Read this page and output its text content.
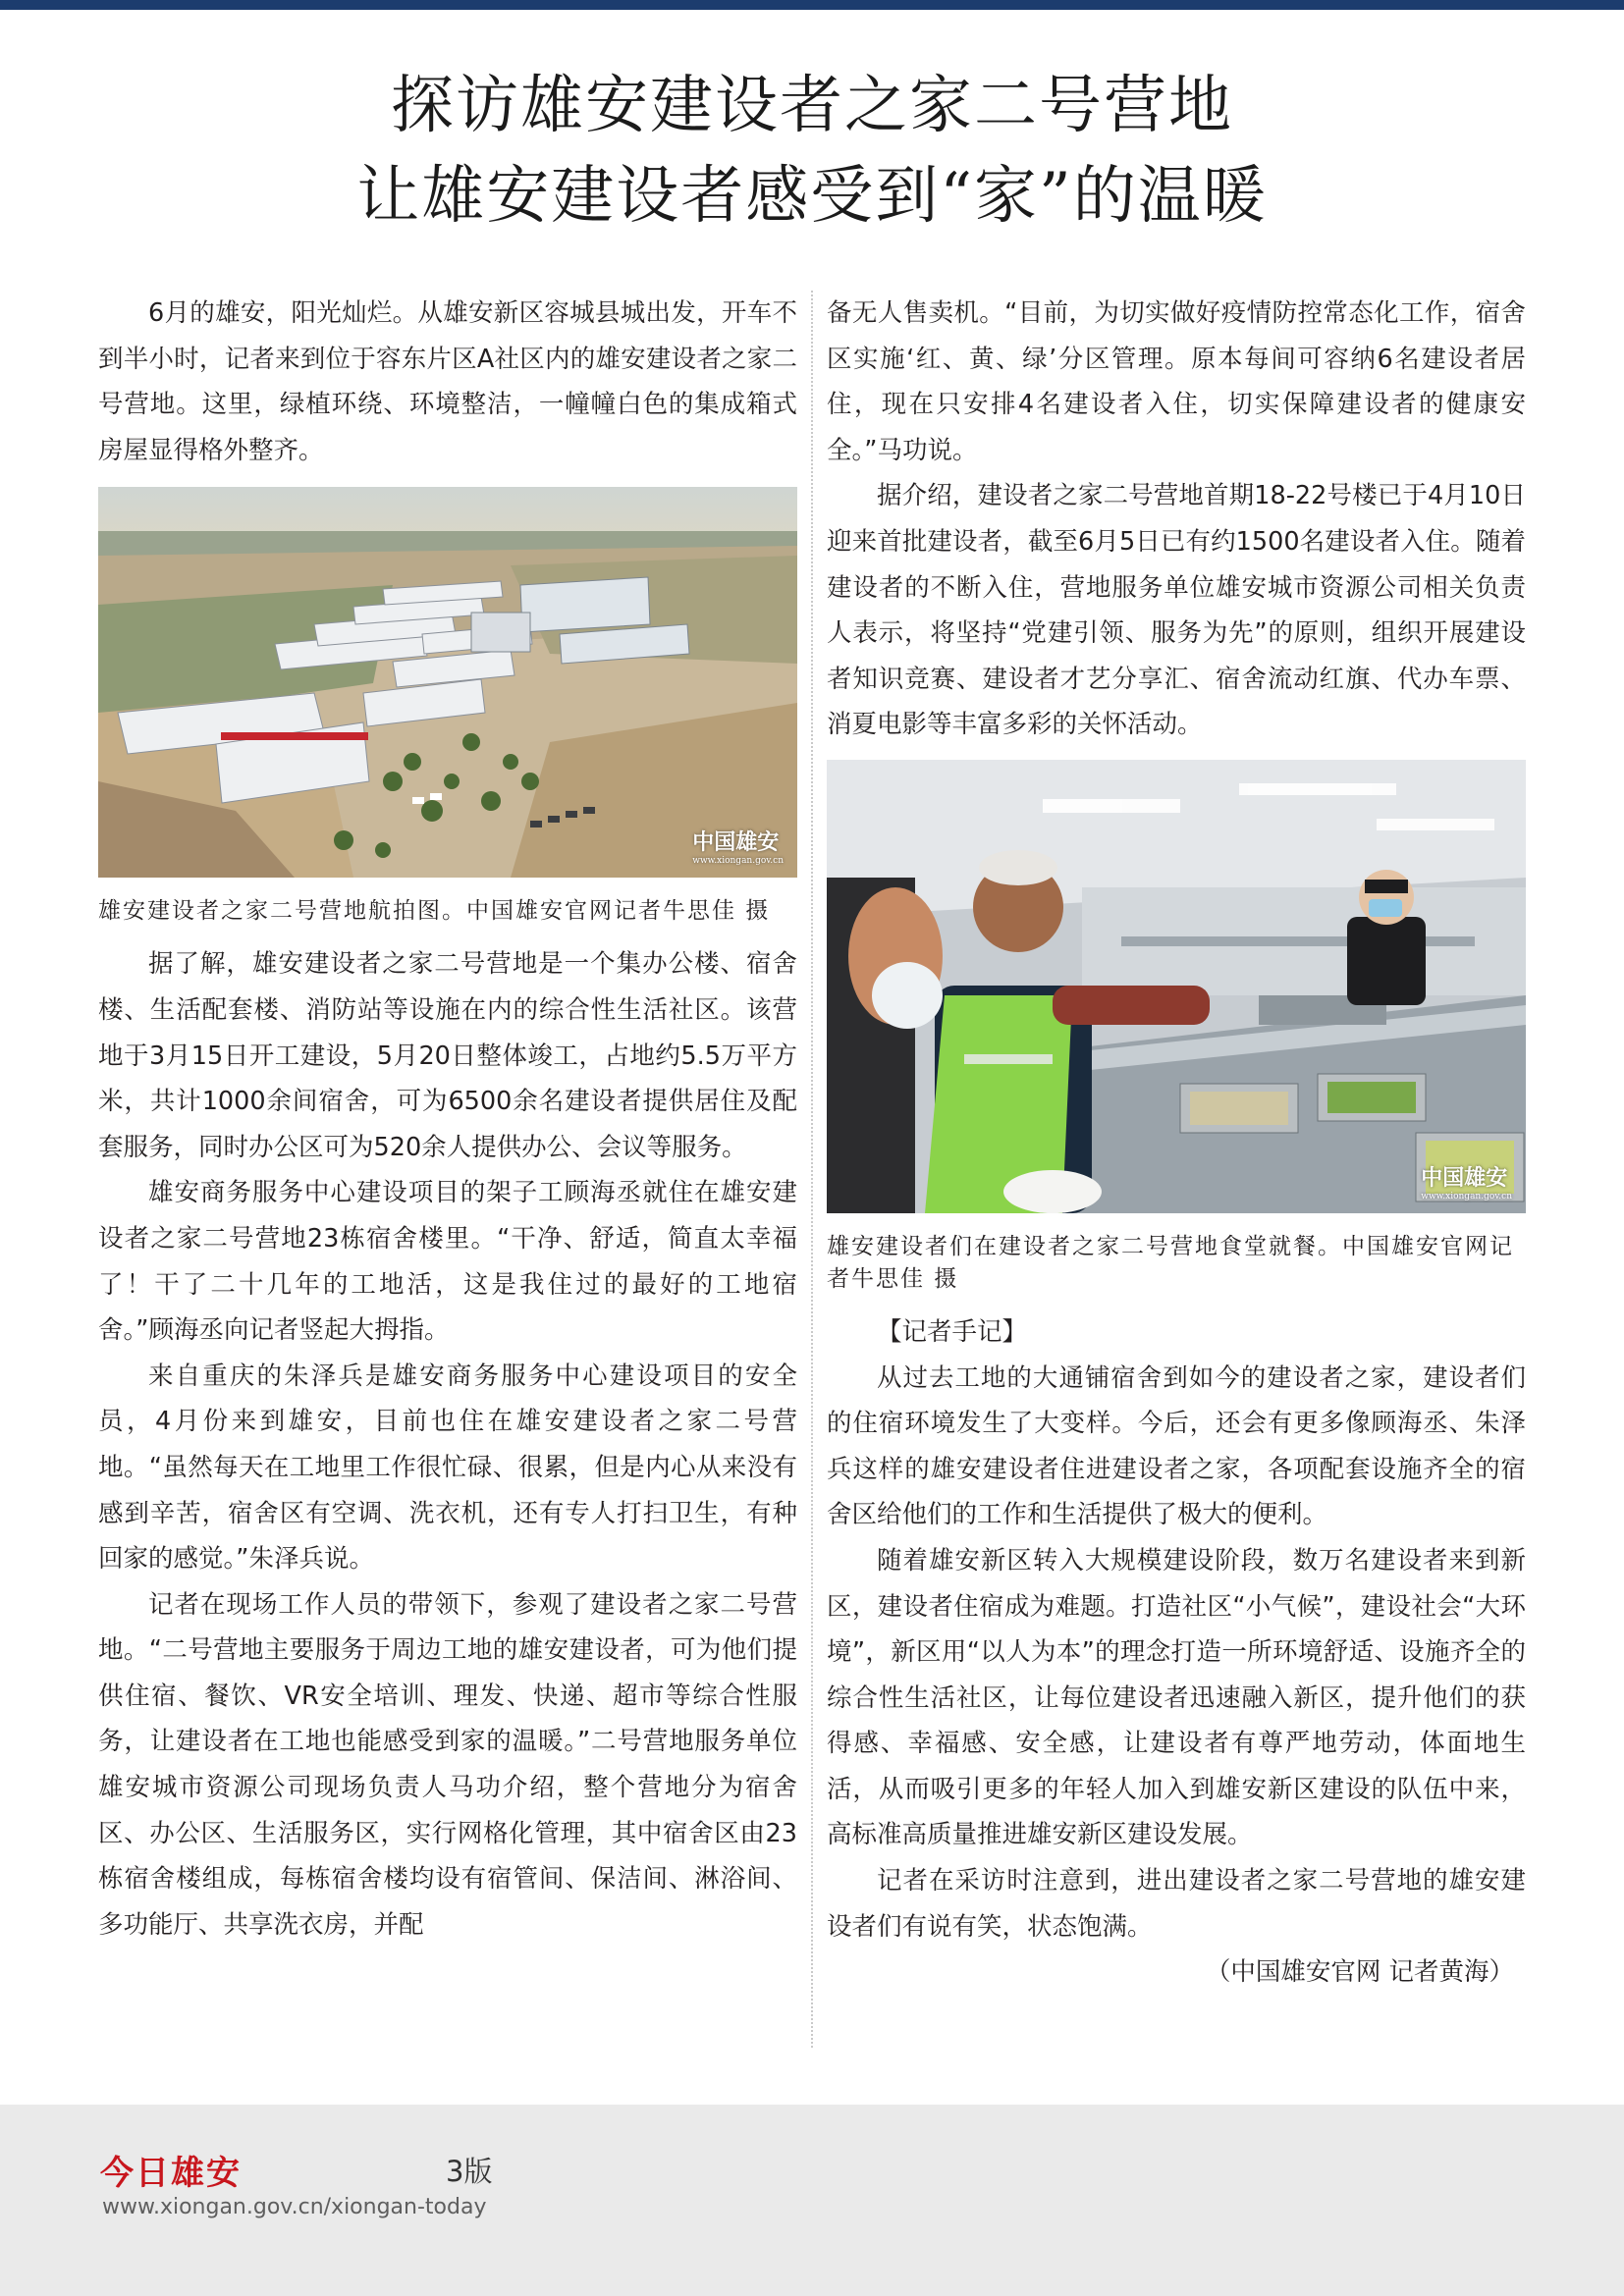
探访雄安建设者之家二号营地
让雄安建设者感受到“家”的温暖

6月的雄安，阳光灿烂。从雄安新区容城县城出发，开车不到半小时，记者来到位于容东片区A社区内的雄安建设者之家二号营地。这里，绿植环绕、环境整洁，一幢幢白色的集成箱式房屋显得格外整齐。

中国雄安
www.xiongan.gov.cn

雄安建设者之家二号营地航拍图。中国雄安官网记者牛思佳 摄

据了解，雄安建设者之家二号营地是一个集办公楼、宿舍楼、生活配套楼、消防站等设施在内的综合性生活社区。该营地于3月15日开工建设，5月20日整体竣工，占地约5.5万平方米，共计1000余间宿舍，可为6500余名建设者提供居住及配套服务，同时办公区可为520余人提供办公、会议等服务。

雄安商务服务中心建设项目的架子工顾海丞就住在雄安建设者之家二号营地23栋宿舍楼里。“干净、舒适，简直太幸福了！干了二十几年的工地活，这是我住过的最好的工地宿舍。”顾海丞向记者竖起大拇指。

来自重庆的朱泽兵是雄安商务服务中心建设项目的安全员，4月份来到雄安，目前也住在雄安建设者之家二号营地。“虽然每天在工地里工作很忙碌、很累，但是内心从来没有感到辛苦，宿舍区有空调、洗衣机，还有专人打扫卫生，有种回家的感觉。”朱泽兵说。

记者在现场工作人员的带领下，参观了建设者之家二号营地。“二号营地主要服务于周边工地的雄安建设者，可为他们提供住宿、餐饮、VR安全培训、理发、快递、超市等综合性服务，让建设者在工地也能感受到家的温暖。”二号营地服务单位雄安城市资源公司现场负责人马功介绍，整个营地分为宿舍区、办公区、生活服务区，实行网格化管理，其中宿舍区由23栋宿舍楼组成，每栋宿舍楼均设有宿管间、保洁间、淋浴间、多功能厅、共享洗衣房，并配

备无人售卖机。“目前，为切实做好疫情防控常态化工作，宿舍区实施‘红、黄、绿’分区管理。原本每间可容纳6名建设者居住，现在只安排4名建设者入住，切实保障建设者的健康安全。”马功说。

据介绍，建设者之家二号营地首期18-22号楼已于4月10日迎来首批建设者，截至6月5日已有约1500名建设者入住。随着建设者的不断入住，营地服务单位雄安城市资源公司相关负责人表示，将坚持“党建引领、服务为先”的原则，组织开展建设者知识竞赛、建设者才艺分享汇、宿舍流动红旗、代办车票、消夏电影等丰富多彩的关怀活动。

中国雄安
www.xiongan.gov.cn

雄安建设者们在建设者之家二号营地食堂就餐。中国雄安官网记者牛思佳 摄

【记者手记】

从过去工地的大通铺宿舍到如今的建设者之家，建设者们的住宿环境发生了大变样。今后，还会有更多像顾海丞、朱泽兵这样的雄安建设者住进建设者之家，各项配套设施齐全的宿舍区给他们的工作和生活提供了极大的便利。

随着雄安新区转入大规模建设阶段，数万名建设者来到新区，建设者住宿成为难题。打造社区“小气候”，建设社会“大环境”，新区用“以人为本”的理念打造一所环境舒适、设施齐全的综合性生活社区，让每位建设者迅速融入新区，提升他们的获得感、幸福感、安全感，让建设者有尊严地劳动，体面地生活，从而吸引更多的年轻人加入到雄安新区建设的队伍中来，高标准高质量推进雄安新区建设发展。

记者在采访时注意到，进出建设者之家二号营地的雄安建设者们有说有笑，状态饱满。

（中国雄安官网 记者黄海）

今日雄安	3版
www.xiongan.gov.cn/xiongan-today
